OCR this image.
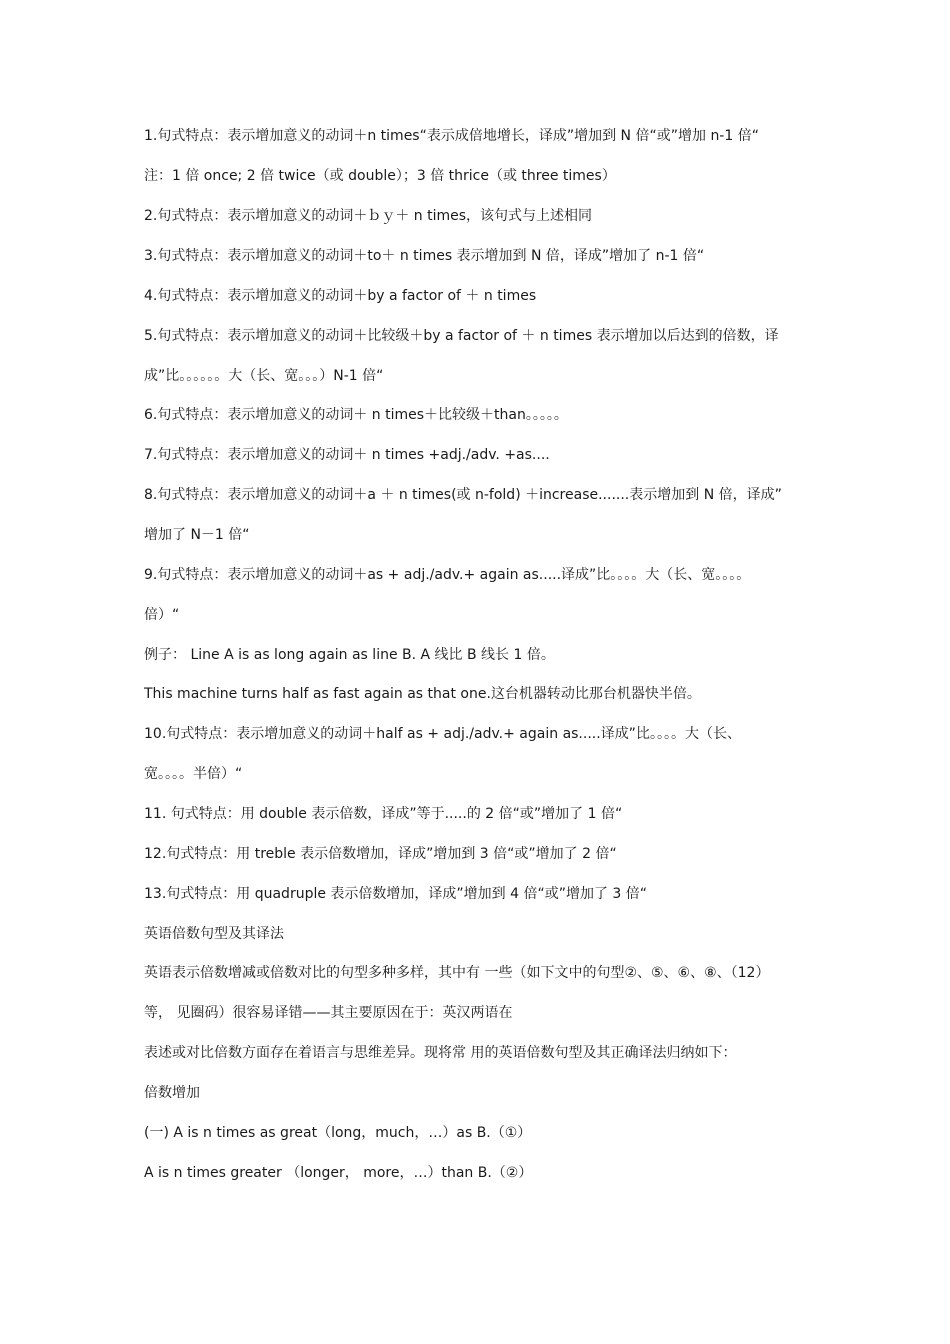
1.句式特点：表示增加意义的动词＋n times“表示成倍地增长，译成”增加到 N 倍“或”增加 n-1 倍“
注：1 倍 once; 2 倍 twice（或 double）；3 倍 thrice（或 three times）
2.句式特点：表示增加意义的动词＋ｂｙ＋ n times，该句式与上述相同
3.句式特点：表示增加意义的动词＋to＋ n times 表示增加到 N 倍，译成”增加了 n-1 倍“
4.句式特点：表示增加意义的动词＋by a factor of ＋ n times
5.句式特点：表示增加意义的动词＋比较级＋by a factor of ＋ n times 表示增加以后达到的倍数，译
成”比。。。。。。大（长、宽。。。）N-1 倍“
6.句式特点：表示增加意义的动词＋ n times＋比较级＋than。。。。。
7.句式特点：表示增加意义的动词＋ n times +adj./adv. +as....
8.句式特点：表示增加意义的动词＋a ＋ n times(或 n-fold) ＋increase.......表示增加到 N 倍，译成”
增加了 N－1 倍“
9.句式特点：表示增加意义的动词＋as + adj./adv.+ again as.....译成”比。。。。大（长、宽。。。。
倍）“
例子： Line A is as long again as line B. A 线比 B 线长 1 倍。
This machine turns half as fast again as that one.这台机器转动比那台机器快半倍。
10.句式特点：表示增加意义的动词＋half as + adj./adv.+ again as.....译成”比。。。。大（长、
宽。。。。半倍）“
11. 句式特点：用 double 表示倍数，译成”等于.....的 2 倍“或”增加了 1 倍“
12.句式特点：用 treble 表示倍数增加，译成”增加到 3 倍“或”增加了 2 倍“
13.句式特点：用 quadruple 表示倍数增加，译成”增加到 4 倍“或”增加了 3 倍“
英语倍数句型及其译法
英语表示倍数增减或倍数对比的句型多种多样，其中有 一些（如下文中的句型②、⑤、⑥、⑧、（12）
等， 见圈码）很容易译错——其主要原因在于：英汉两语在
表述或对比倍数方面存在着语言与思维差异。现将常 用的英语倍数句型及其正确译法归纳如下：
倍数增加
(一) A is n times as great（long，much，…）as B.（①）
A is n times greater （longer， more，…）than B.（②）
